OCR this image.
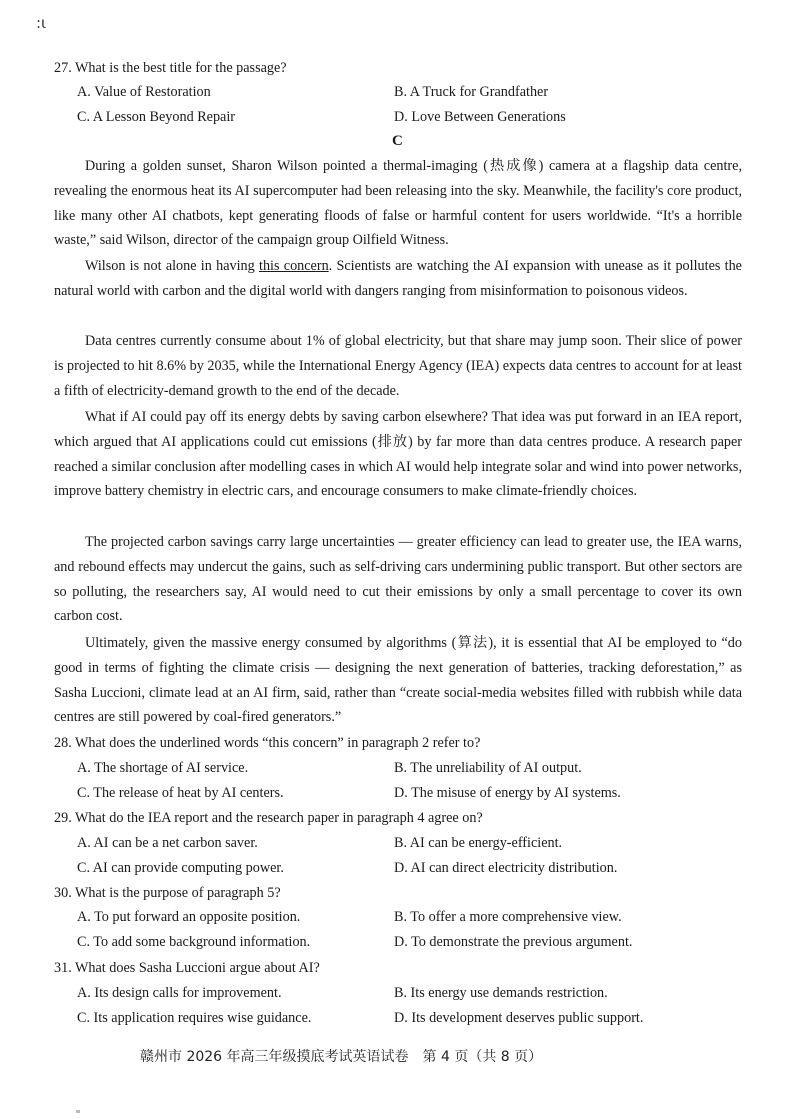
:ι
27. What is the best title for the passage?
A. Value of Restoration	B. A Truck for Grandfather
C. A Lesson Beyond Repair	D. Love Between Generations
C
During a golden sunset, Sharon Wilson pointed a thermal-imaging (热成像) camera at a flagship data centre, revealing the enormous heat its AI supercomputer had been releasing into the sky. Meanwhile, the facility's core product, like many other AI chatbots, kept generating floods of false or harmful content for users worldwide. “It's a horrible waste,” said Wilson, director of the campaign group Oilfield Witness.
Wilson is not alone in having this concern. Scientists are watching the AI expansion with unease as it pollutes the natural world with carbon and the digital world with dangers ranging from misinformation to poisonous videos.
Data centres currently consume about 1% of global electricity, but that share may jump soon. Their slice of power is projected to hit 8.6% by 2035, while the International Energy Agency (IEA) expects data centres to account for at least a fifth of electricity-demand growth to the end of the decade.
What if AI could pay off its energy debts by saving carbon elsewhere? That idea was put forward in an IEA report, which argued that AI applications could cut emissions (排放) by far more than data centres produce. A research paper reached a similar conclusion after modelling cases in which AI would help integrate solar and wind into power networks, improve battery chemistry in electric cars, and encourage consumers to make climate-friendly choices.
The projected carbon savings carry large uncertainties — greater efficiency can lead to greater use, the IEA warns, and rebound effects may undercut the gains, such as self-driving cars undermining public transport. But other sectors are so polluting, the researchers say, AI would need to cut their emissions by only a small percentage to cover its own carbon cost.
Ultimately, given the massive energy consumed by algorithms (算法), it is essential that AI be employed to “do good in terms of fighting the climate crisis — designing the next generation of batteries, tracking deforestation,” as Sasha Luccioni, climate lead at an AI firm, said, rather than “create social-media websites filled with rubbish while data centres are still powered by coal-fired generators.”
28. What does the underlined words “this concern” in paragraph 2 refer to?
A. The shortage of AI service.	B. The unreliability of AI output.
C. The release of heat by AI centers.	D. The misuse of energy by AI systems.
29. What do the IEA report and the research paper in paragraph 4 agree on?
A. AI can be a net carbon saver.	B. AI can be energy-efficient.
C. AI can provide computing power.	D. AI can direct electricity distribution.
30. What is the purpose of paragraph 5?
A. To put forward an opposite position.	B. To offer a more comprehensive view.
C. To add some background information.	D. To demonstrate the previous argument.
31. What does Sasha Luccioni argue about AI?
A. Its design calls for improvement.	B. Its energy use demands restriction.
C. Its application requires wise guidance.	D. Its development deserves public support.
赣州市 2026 年高三年级摸底考试英语试卷　第 4 页（共 8 页）
